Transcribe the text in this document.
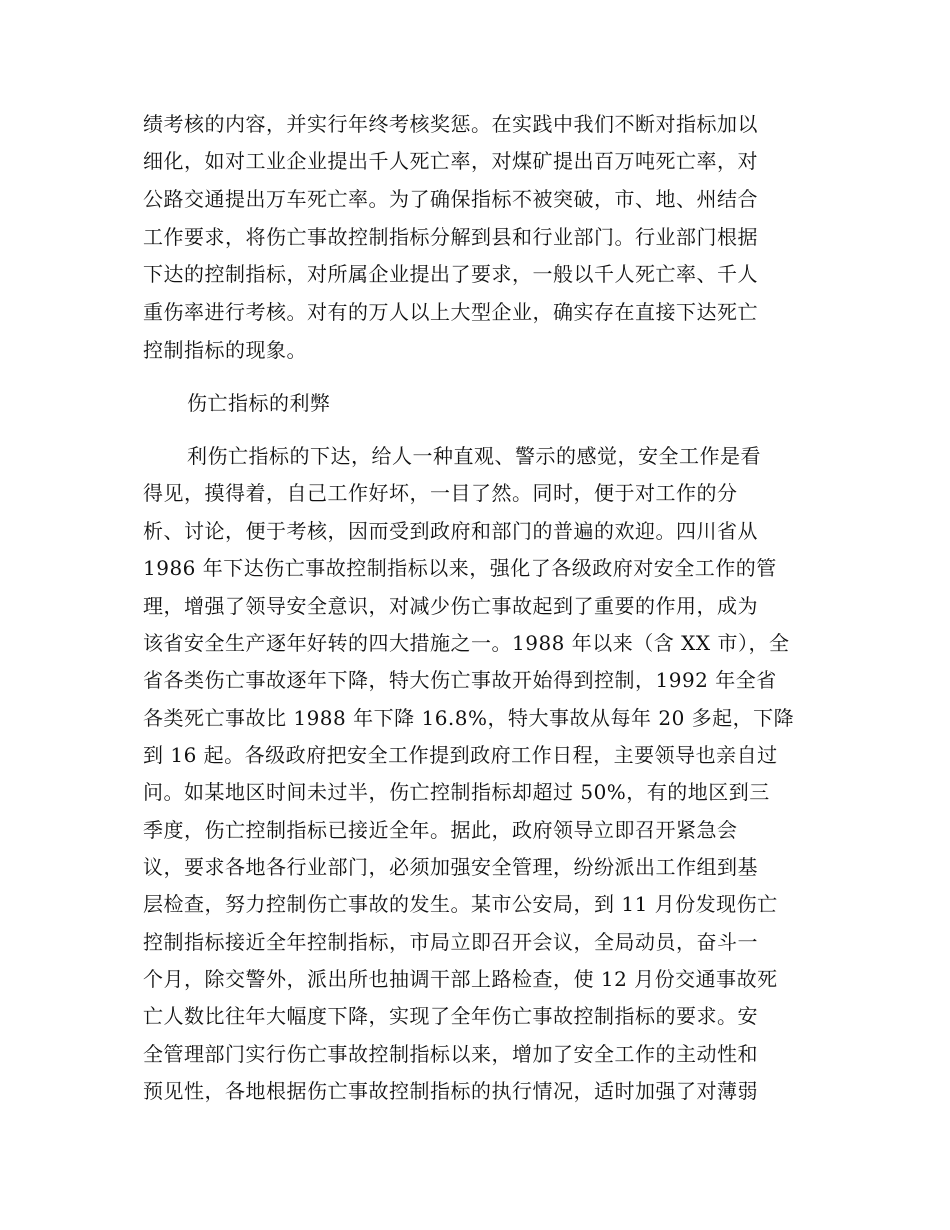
绩考核的内容，并实行年终考核奖惩。在实践中我们不断对指标加以
细化，如对工业企业提出千人死亡率，对煤矿提出百万吨死亡率，对
公路交通提出万车死亡率。为了确保指标不被突破，市、地、州结合
工作要求，将伤亡事故控制指标分解到县和行业部门。行业部门根据
下达的控制指标，对所属企业提出了要求，一般以千人死亡率、千人
重伤率进行考核。对有的万人以上大型企业，确实存在直接下达死亡
控制指标的现象。
伤亡指标的利弊
利伤亡指标的下达，给人一种直观、警示的感觉，安全工作是看
得见，摸得着，自己工作好坏，一目了然。同时，便于对工作的分
析、讨论，便于考核，因而受到政府和部门的普遍的欢迎。四川省从
1986 年下达伤亡事故控制指标以来，强化了各级政府对安全工作的管
理，增强了领导安全意识，对减少伤亡事故起到了重要的作用，成为
该省安全生产逐年好转的四大措施之一。1988 年以来（含 XX 市），全
省各类伤亡事故逐年下降，特大伤亡事故开始得到控制，1992 年全省
各类死亡事故比 1988 年下降 16.8%，特大事故从每年 20 多起，下降
到 16 起。各级政府把安全工作提到政府工作日程，主要领导也亲自过
问。如某地区时间未过半，伤亡控制指标却超过 50%，有的地区到三
季度，伤亡控制指标已接近全年。据此，政府领导立即召开紧急会
议，要求各地各行业部门，必须加强安全管理，纷纷派出工作组到基
层检查，努力控制伤亡事故的发生。某市公安局，到 11 月份发现伤亡
控制指标接近全年控制指标，市局立即召开会议，全局动员，奋斗一
个月，除交警外，派出所也抽调干部上路检查，使 12 月份交通事故死
亡人数比往年大幅度下降，实现了全年伤亡事故控制指标的要求。安
全管理部门实行伤亡事故控制指标以来，增加了安全工作的主动性和
预见性，各地根据伤亡事故控制指标的执行情况，适时加强了对薄弱
